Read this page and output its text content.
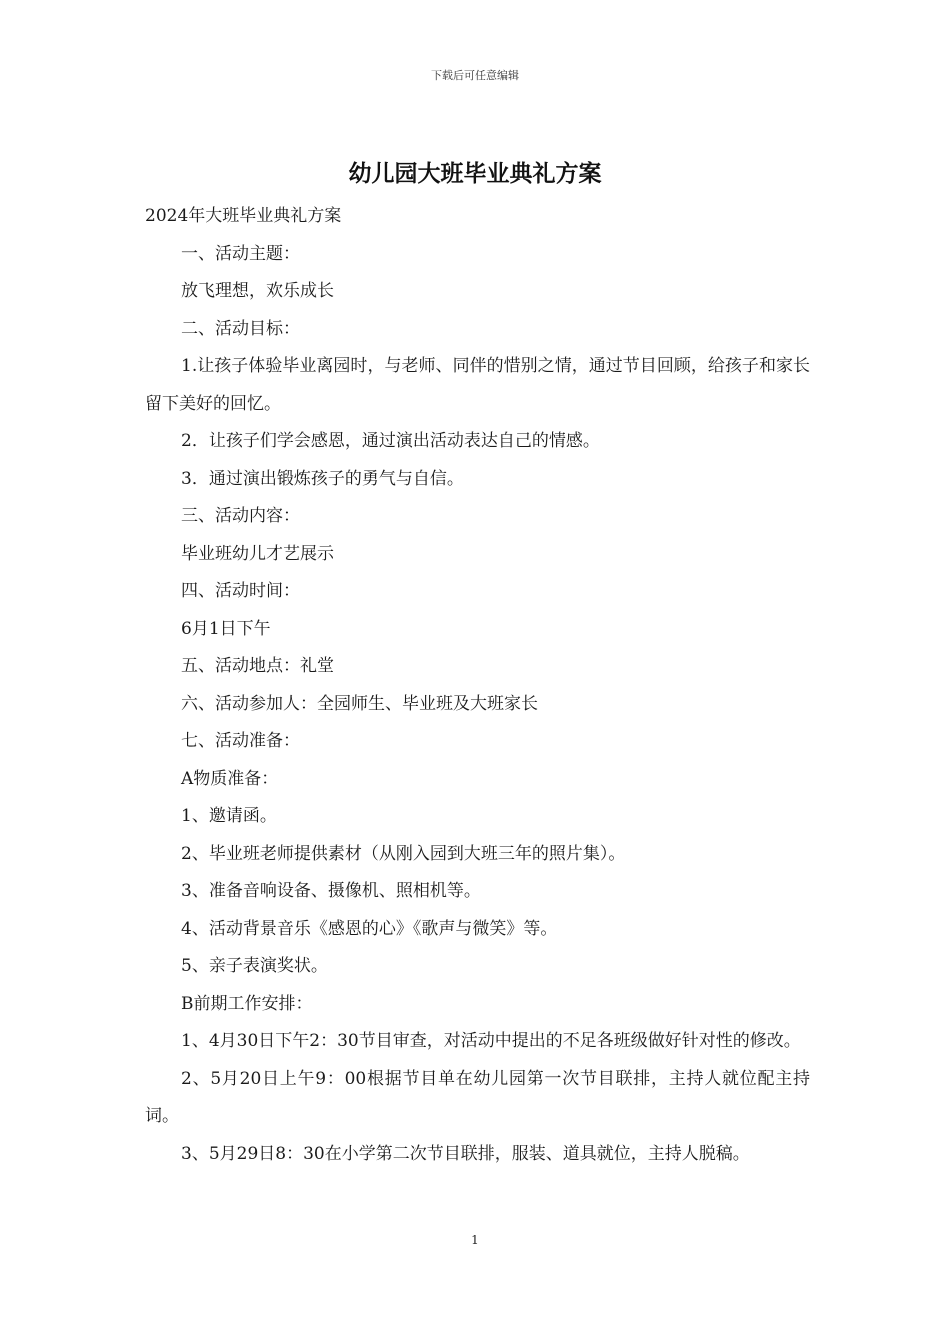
下载后可任意编辑
幼儿园大班毕业典礼方案

2024年大班毕业典礼方案

一、活动主题：

放飞理想，欢乐成长

二、活动目标：

1.让孩子体验毕业离园时，与老师、同伴的惜别之情，通过节目回顾，给孩子和家长留下美好的回忆。

2．让孩子们学会感恩，通过演出活动表达自己的情感。

3．通过演出锻炼孩子的勇气与自信。

三、活动内容：

毕业班幼儿才艺展示

四、活动时间：

6月1日下午

五、活动地点：礼堂

六、活动参加人：全园师生、毕业班及大班家长

七、活动准备：

A物质准备：

1、邀请函。

2、毕业班老师提供素材（从刚入园到大班三年的照片集）。

3、准备音响设备、摄像机、照相机等。

4、活动背景音乐《感恩的心》《歌声与微笑》等。

5、亲子表演奖状。

B前期工作安排：

1、4月30日下午2：30节目审查，对活动中提出的不足各班级做好针对性的修改。

2、5月20日上午9：00根据节目单在幼儿园第一次节目联排，主持人就位配主持词。

3、5月29日8：30在小学第二次节目联排，服装、道具就位，主持人脱稿。

1
